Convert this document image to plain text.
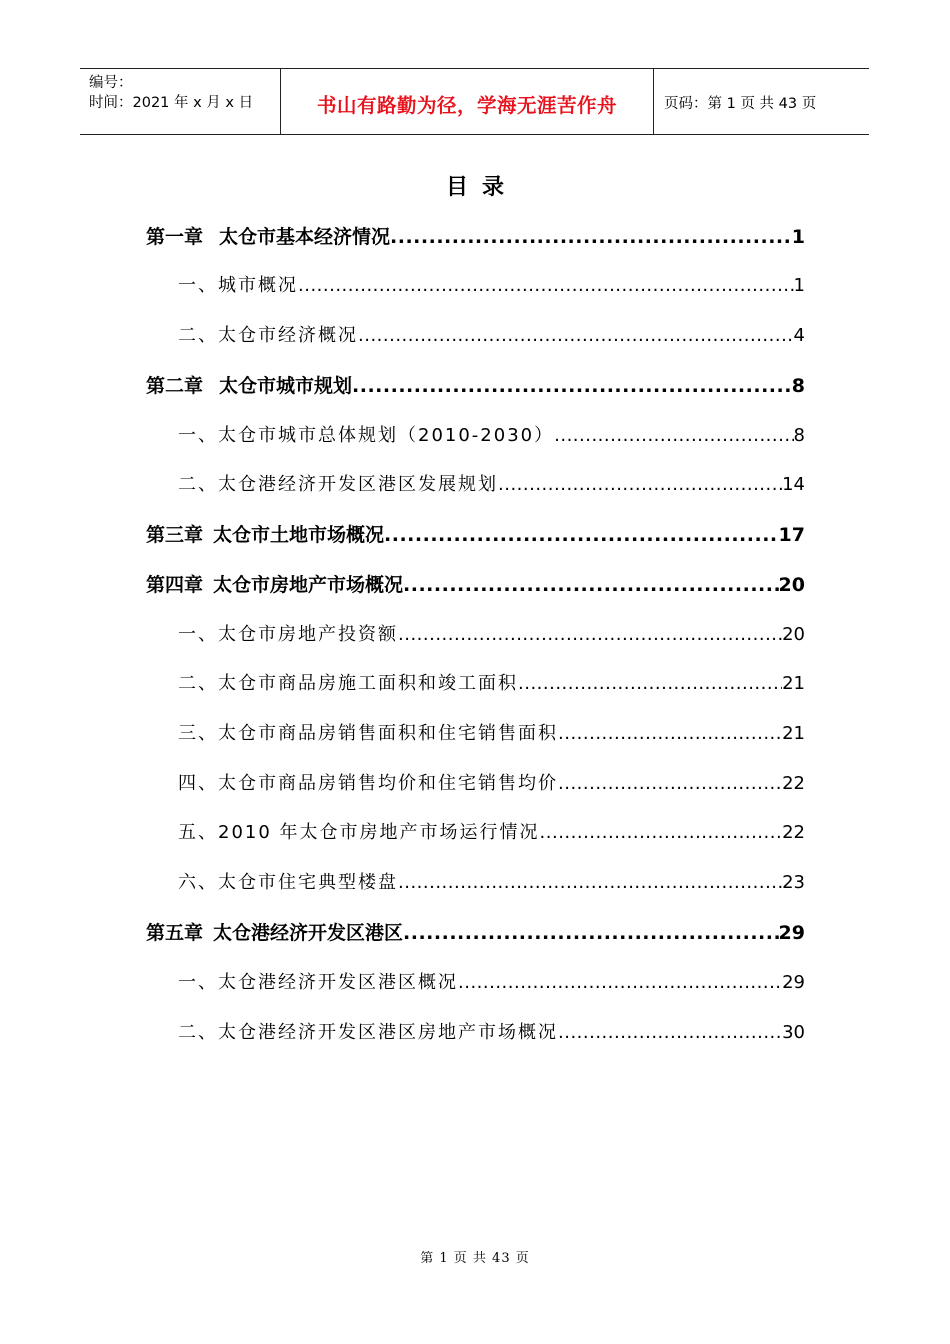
编号：
时间：2021 年 x 月 x 日	书山有路勤为径，学海无涯苦作舟	页码：第 1 页 共 43 页
目录
第一章 太仓市基本经济情况 .....	1
一、城市概况 .....	1
二、太仓市经济概况 .....	4
第二章 太仓市城市规划 .....	8
一、太仓市城市总体规划（2010-2030） .....	8
二、太仓港经济开发区港区发展规划 .....	14
第三章 太仓市土地市场概况 .....	17
第四章 太仓市房地产市场概况 .....	20
一、太仓市房地产投资额 .....	20
二、太仓市商品房施工面积和竣工面积 .....	21
三、太仓市商品房销售面积和住宅销售面积 .....	21
四、太仓市商品房销售均价和住宅销售均价 .....	22
五、2010 年太仓市房地产市场运行情况 .....	22
六、太仓市住宅典型楼盘 .....	23
第五章 太仓港经济开发区港区 .....	29
一、太仓港经济开发区港区概况 .....	29
二、太仓港经济开发区港区房地产市场概况 .....	30
第 1 页 共 43 页
